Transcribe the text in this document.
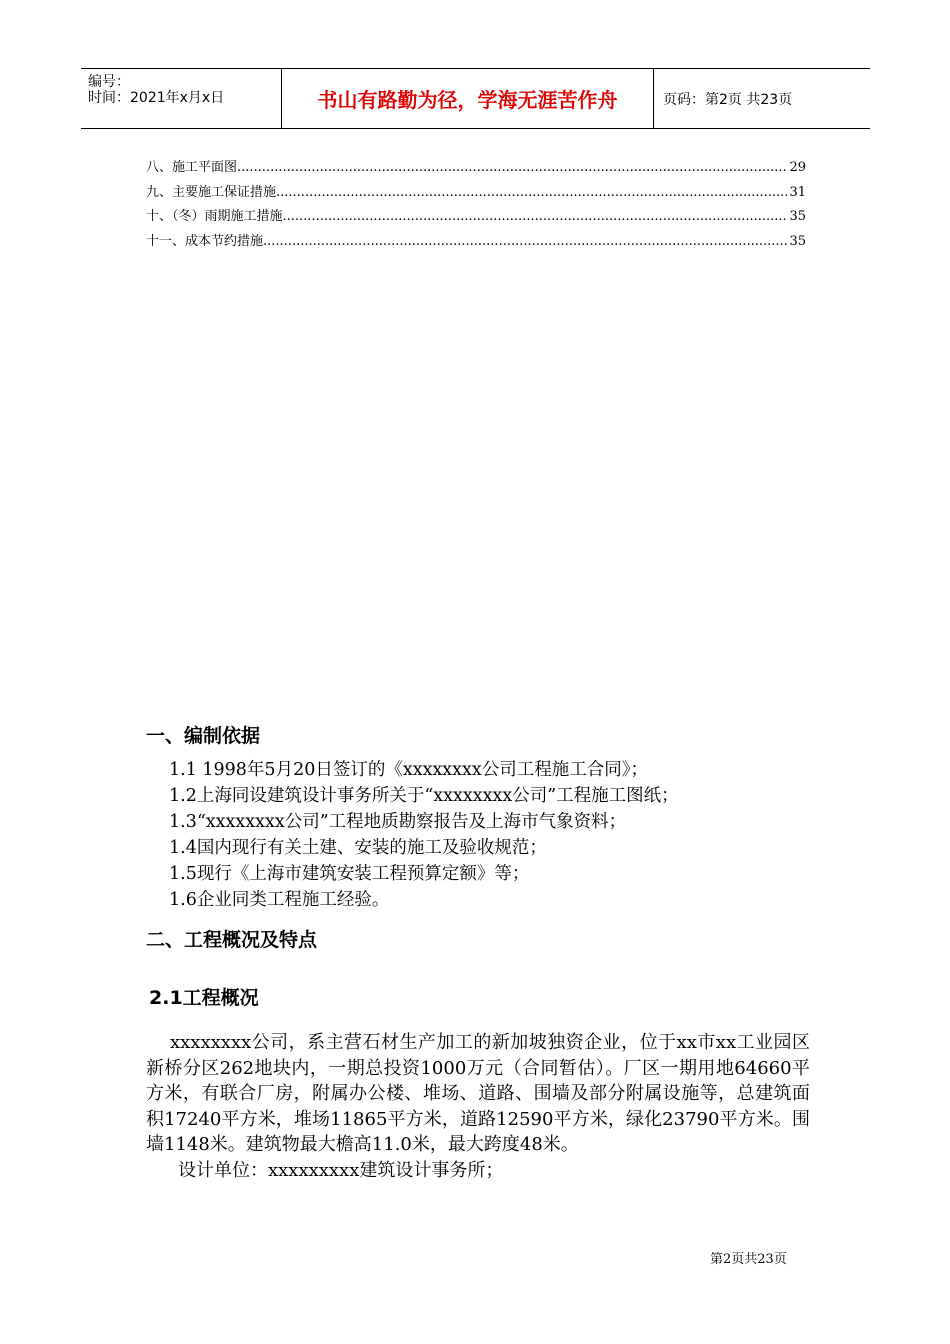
编号：
时间：2021年x月x日	书山有路勤为径，学海无涯苦作舟	页码：第2页 共23页
八、施工平面图 .....	29
九、主要施工保证措施 .....	31
十、（冬）雨期施工措施 .....	35
十一、成本节约措施 .....	35
一、编制依据
1.1 1998年5月20日签订的《xxxxxxxx公司工程施工合同》；
1.2上海同设建筑设计事务所关于“xxxxxxxx公司”工程施工图纸；
1.3“xxxxxxxx公司”工程地质勘察报告及上海市气象资料；
1.4国内现行有关土建、安装的施工及验收规范；
1.5现行《上海市建筑安装工程预算定额》等；
1.6企业同类工程施工经验。
二、工程概况及特点
2.1工程概况

xxxxxxxx公司，系主营石材生产加工的新加坡独资企业，位于xx市xx工业园区新桥分区262地块内，一期总投资1000万元（合同暂估）。厂区一期用地64660平方米，有联合厂房，附属办公楼、堆场、道路、围墙及部分附属设施等，总建筑面积17240平方米，堆场11865平方米，道路12590平方米，绿化23790平方米。围墙1148米。建筑物最大檐高11.0米，最大跨度48米。

设计单位：xxxxxxxxx建筑设计事务所；

第2页共23页
